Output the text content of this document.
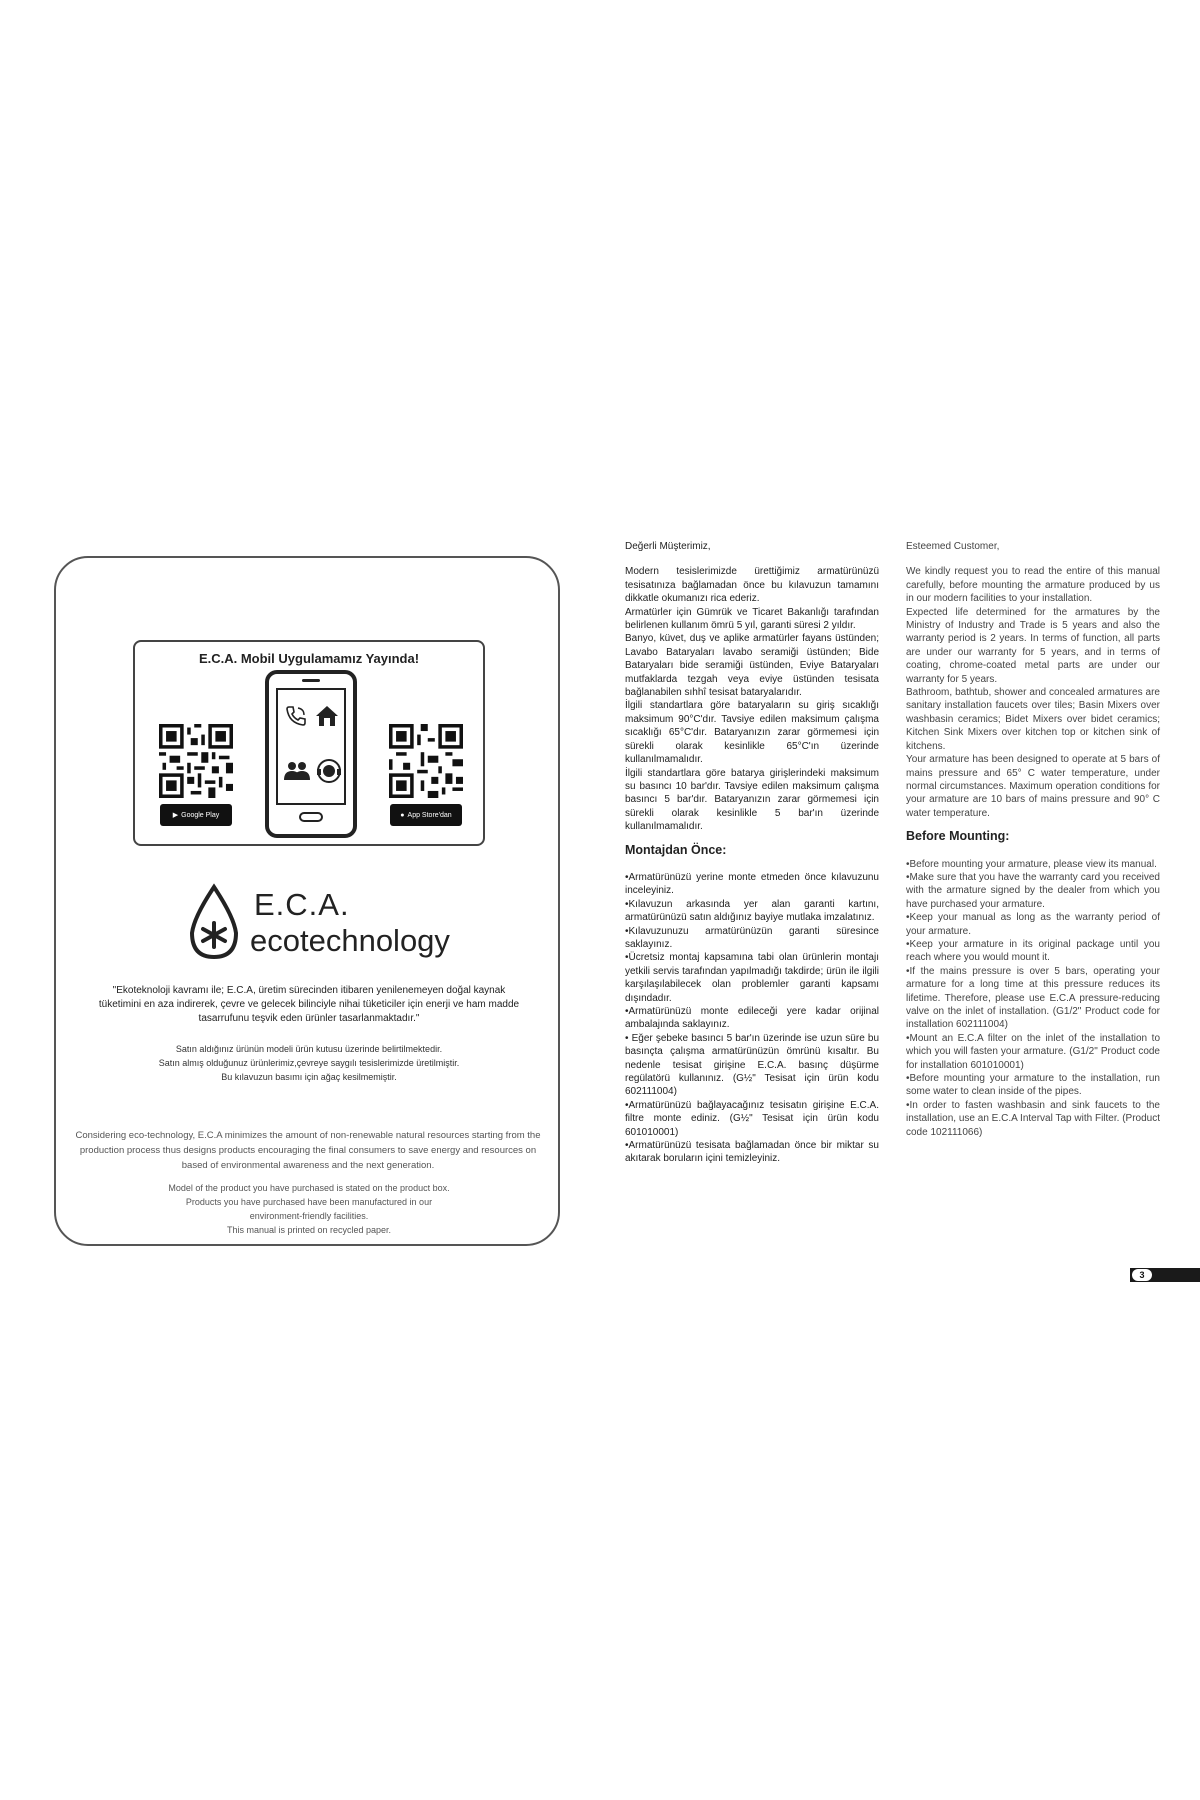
E.C.A. Mobil Uygulamamız Yayında!
▶ Google Play	● App Store'dan
E.C.A.
ecotechnology
"Ekoteknoloji kavramı ile; E.C.A, üretim sürecinden itibaren yenilenemeyen doğal kaynak tüketimini en aza indirerek, çevre ve gelecek bilinciyle nihai tüketiciler için enerji ve ham madde tasarrufunu teşvik eden ürünler tasarlanmaktadır."
Satın aldığınız ürünün modeli ürün kutusu üzerinde belirtilmektedir.
Satın almış olduğunuz ürünlerimiz,çevreye saygılı tesislerimizde üretilmiştir.
Bu kılavuzun basımı için ağaç kesilmemiştir.
Considering eco-technology, E.C.A minimizes the amount of non-renewable natural resources starting from the production process thus designs products encouraging the final consumers to save energy and resources on based of environmental awareness and the next generation.
Model of the product you have purchased is stated on the product box.
Products you have purchased have been manufactured in our
environment-friendly facilities.
This manual is printed on recycled paper.

Değerli Müşterimiz,

Modern tesislerimizde ürettiğimiz armatürünüzü tesisatınıza bağlamadan önce bu kılavuzun tamamını dikkatle okumanızı rica ederiz.

Armatürler için Gümrük ve Ticaret Bakanlığı tarafından belirlenen kullanım ömrü 5 yıl, garanti süresi 2 yıldır.

Banyo, küvet, duş ve aplike armatürler fayans üstünden; Lavabo Bataryaları lavabo seramiği üstünden; Bide Bataryaları bide seramiği üstünden, Eviye Bataryaları mutfaklarda tezgah veya eviye üstünden tesisata bağlanabilen sıhhî tesisat bataryalarıdır.

İlgili standartlara göre bataryaların su giriş sıcaklığı maksimum 90°C'dır. Tavsiye edilen maksimum çalışma sıcaklığı 65°C'dır. Bataryanızın zarar görmemesi için sürekli olarak kesinlikle 65°C'ın üzerinde kullanılmamalıdır.

İlgili standartlara göre batarya girişlerindeki maksimum su basıncı 10 bar'dır. Tavsiye edilen maksimum çalışma basıncı 5 bar'dır. Bataryanızın zarar görmemesi için sürekli olarak kesinlikle 5 bar'ın üzerinde kullanılmamalıdır.

Montajdan Önce:

•Armatürünüzü yerine monte etmeden önce kılavuzunu inceleyiniz.

•Kılavuzun arkasında yer alan garanti kartını, armatürünüzü satın aldığınız bayiye mutlaka imzalatınız.

•Kılavuzunuzu armatürünüzün garanti süresince saklayınız.

•Ücretsiz montaj kapsamına tabi olan ürünlerin montajı yetkili servis tarafından yapılmadığı takdirde; ürün ile ilgili karşılaşılabilecek olan problemler garanti kapsamı dışındadır.

•Armatürünüzü monte edileceği yere kadar orijinal ambalajında saklayınız.

• Eğer şebeke basıncı 5 bar'ın üzerinde ise uzun süre bu basınçta çalışma armatürünüzün ömrünü kısaltır. Bu nedenle tesisat girişine E.C.A. basınç düşürme regülatörü kullanınız. (G½" Tesisat için ürün kodu 602111004)

•Armatürünüzü bağlayacağınız tesisatın girişine E.C.A. filtre monte ediniz. (G½" Tesisat için ürün kodu 601010001)

•Armatürünüzü tesisata bağlamadan önce bir miktar su akıtarak boruların içini temizleyiniz.

Esteemed Customer,

We kindly request you to read the entire of this manual carefully, before mounting the armature produced by us in our modern facilities to your installation.

Expected life determined for the armatures by the Ministry of Industry and Trade is 5 years and also the warranty period is 2 years. In terms of function, all parts are under our warranty for 5 years, and in terms of coating, chrome-coated metal parts are under our warranty for 5 years.

Bathroom, bathtub, shower and concealed armatures are sanitary installation faucets over tiles; Basin Mixers over washbasin ceramics; Bidet Mixers over bidet ceramics; Kitchen Sink Mixers over kitchen top or kitchen sink of kitchens.

Your armature has been designed to operate at 5 bars of mains pressure and 65° C water temperature, under normal circumstances. Maximum operation conditions for your armature are 10 bars of mains pressure and 90° C water temperature.

Before Mounting:

•Before mounting your armature, please view its manual.

•Make sure that you have the warranty card you received with the armature signed by the dealer from which you have purchased your armature.

•Keep your manual as long as the warranty period of your armature.

•Keep your armature in its original package until you reach where you would mount it.

•If the mains pressure is over 5 bars, operating your armature for a long time at this pressure reduces its lifetime. Therefore, please use E.C.A pressure-reducing valve on the inlet of installation. (G1/2" Product code for installation 602111004)

•Mount an E.C.A filter on the inlet of the installation to which you will fasten your armature. (G1/2" Product code for installation 601010001)

•Before mounting your armature to the installation, run some water to clean inside of the pipes.

•In order to fasten washbasin and sink faucets to the installation, use an E.C.A Interval Tap with Filter. (Product code 102111066)

3
